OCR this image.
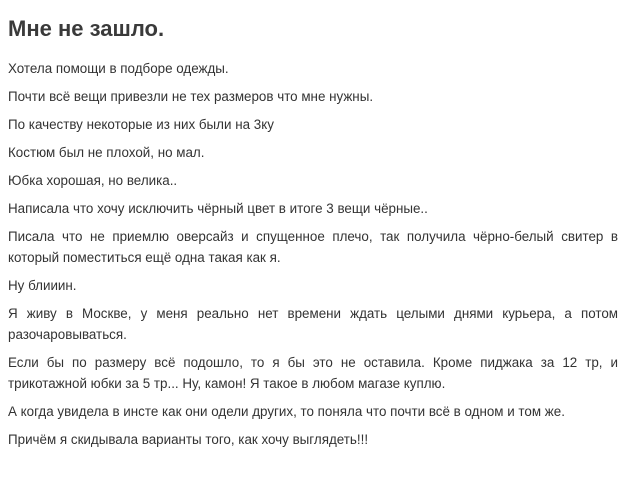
Мне не зашло.

Хотела помощи в подборе одежды.

Почти всё вещи привезли не тех размеров что мне нужны.

По качеству некоторые из них были на 3ку

Костюм был не плохой, но мал.

Юбка хорошая, но велика..

Написала что хочу исключить чёрный цвет в итоге 3 вещи чёрные..

Писала что не приемлю оверсайз и спущенное плечо, так получила чёрно-белый свитер в который поместиться ещё одна такая как я.

Ну блииин.

Я живу в Москве, у меня реально нет времени ждать целыми днями курьера, а потом разочаровываться.

Если бы по размеру всё подошло, то я бы это не оставила. Кроме пиджака за 12 тр, и трикотажной юбки за 5 тр... Ну, камон! Я такое в любом магазе куплю.

А когда увидела в инсте как они одели других, то поняла что почти всё в одном и том же.

Причём я скидывала варианты того, как хочу выглядеть!!!
